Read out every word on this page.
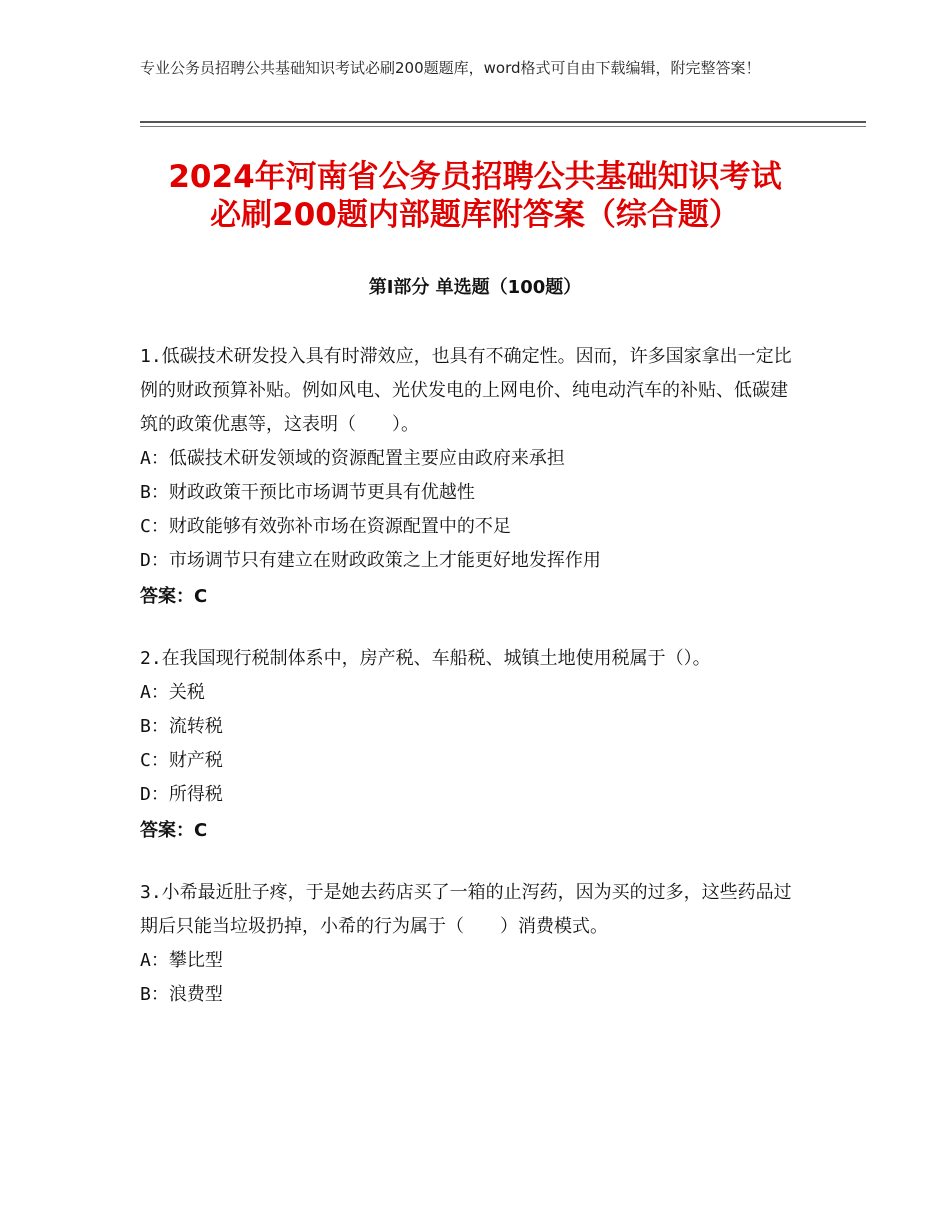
专业公务员招聘公共基础知识考试必刷200题题库，word格式可自由下载编辑，附完整答案！
2024年河南省公务员招聘公共基础知识考试
必刷200题内部题库附答案（综合题）
第Ⅰ部分 单选题（100题）

1.低碳技术研发投入具有时滞效应，也具有不确定性。因而，许多国家拿出一定比例的财政预算补贴。例如风电、光伏发电的上网电价、纯电动汽车的补贴、低碳建筑的政策优惠等，这表明（　　）。

A：低碳技术研发领域的资源配置主要应由政府来承担

B：财政政策干预比市场调节更具有优越性

C：财政能够有效弥补市场在资源配置中的不足

D：市场调节只有建立在财政政策之上才能更好地发挥作用

答案：C

2.在我国现行税制体系中，房产税、车船税、城镇土地使用税属于（）。

A：关税

B：流转税

C：财产税

D：所得税

答案：C

3.小希最近肚子疼，于是她去药店买了一箱的止泻药，因为买的过多，这些药品过期后只能当垃圾扔掉，小希的行为属于（　　）消费模式。

A：攀比型

B：浪费型
